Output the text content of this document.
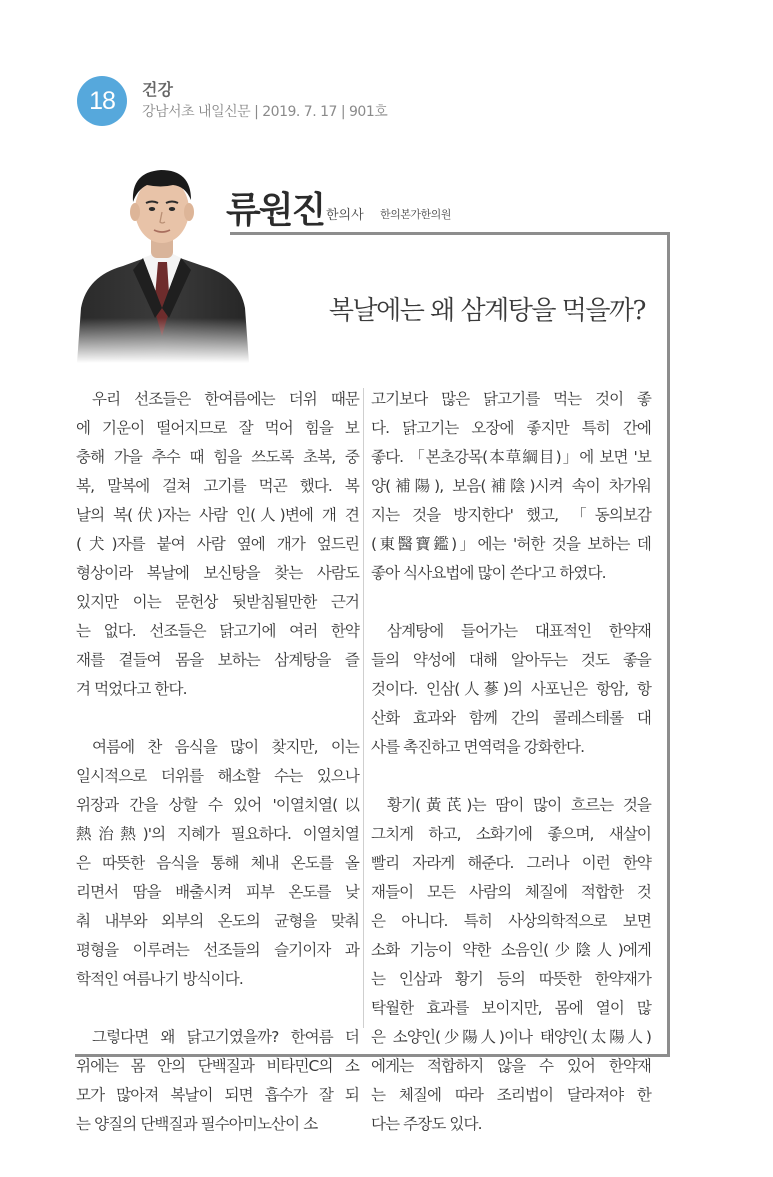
18	건강
강남서초 내일신문 | 2019. 7. 17 | 901호
류원진 한의사 한의본가한의원
복날에는 왜 삼계탕을 먹을까?
우리 선조들은 한여름에는 더위 때문
에 기운이 떨어지므로 잘 먹어 힘을 보
충해 가을 추수 때 힘을 쓰도록 초복, 중
복, 말복에 걸쳐 고기를 먹곤 했다. 복
날의 복(伏)자는 사람 인(人)변에 개 견
(犬)자를 붙여 사람 옆에 개가 엎드린
형상이라 복날에 보신탕을 찾는 사람도
있지만 이는 문헌상 뒷받침될만한 근거
는 없다. 선조들은 닭고기에 여러 한약
재를 곁들여 몸을 보하는 삼계탕을 즐
겨 먹었다고 한다.
여름에 찬 음식을 많이 찾지만, 이는
일시적으로 더위를 해소할 수는 있으나
위장과 간을 상할 수 있어 '이열치열(以
熱治熱)'의 지혜가 필요하다. 이열치열
은 따뜻한 음식을 통해 체내 온도를 올
리면서 땀을 배출시켜 피부 온도를 낮
춰 내부와 외부의 온도의 균형을 맞춰
평형을 이루려는 선조들의 슬기이자 과
학적인 여름나기 방식이다.
그렇다면 왜 닭고기였을까? 한여름 더
위에는 몸 안의 단백질과 비타민C의 소
모가 많아져 복날이 되면 흡수가 잘 되
는 양질의 단백질과 필수아미노산이 소
고기보다 많은 닭고기를 먹는 것이 좋
다. 닭고기는 오장에 좋지만 특히 간에
좋다. 「본초강목(本草綱目)」에 보면 '보
양(補陽), 보음(補陰)시켜 속이 차가워
지는 것을 방지한다' 했고, 「동의보감
(東醫寶鑑)」에는 '허한 것을 보하는 데
좋아 식사요법에 많이 쓴다'고 하였다.
삼계탕에 들어가는 대표적인 한약재
들의 약성에 대해 알아두는 것도 좋을
것이다. 인삼(人蔘)의 사포닌은 항암, 항
산화 효과와 함께 간의 콜레스테롤 대
사를 촉진하고 면역력을 강화한다.
황기(黃芪)는 땀이 많이 흐르는 것을
그치게 하고, 소화기에 좋으며, 새살이
빨리 자라게 해준다. 그러나 이런 한약
재들이 모든 사람의 체질에 적합한 것
은 아니다. 특히 사상의학적으로 보면
소화 기능이 약한 소음인(少陰人)에게
는 인삼과 황기 등의 따뜻한 한약재가
탁월한 효과를 보이지만, 몸에 열이 많
은 소양인(少陽人)이나 태양인(太陽人)
에게는 적합하지 않을 수 있어 한약재
는 체질에 따라 조리법이 달라져야 한
다는 주장도 있다.
